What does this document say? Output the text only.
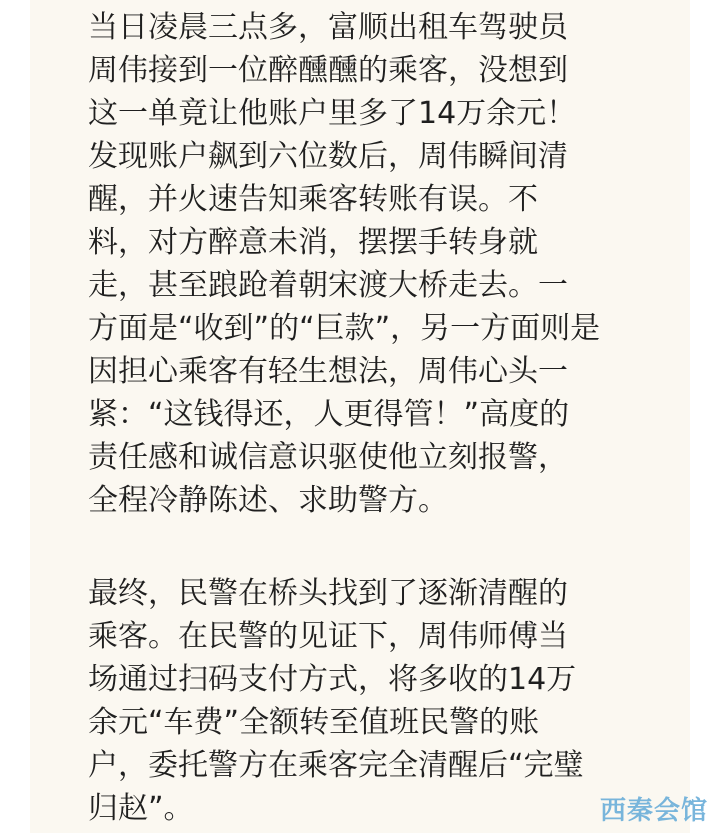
当日凌晨三点多，富顺出租车驾驶员
周伟接到一位醉醺醺的乘客，没想到
这一单竟让他账户里多了14万余元！
发现账户飙到六位数后，周伟瞬间清
醒，并火速告知乘客转账有误。不
料，对方醉意未消，摆摆手转身就
走，甚至踉跄着朝宋渡大桥走去。一
方面是“收到”的“巨款”，另一方面则是
因担心乘客有轻生想法，周伟心头一
紧：“这钱得还，人更得管！”高度的
责任感和诚信意识驱使他立刻报警，
全程冷静陈述、求助警方。
最终，民警在桥头找到了逐渐清醒的
乘客。在民警的见证下，周伟师傅当
场通过扫码支付方式，将多收的14万
余元“车费”全额转至值班民警的账
户，委托警方在乘客完全清醒后“完璧
归赵”。	西秦会馆
